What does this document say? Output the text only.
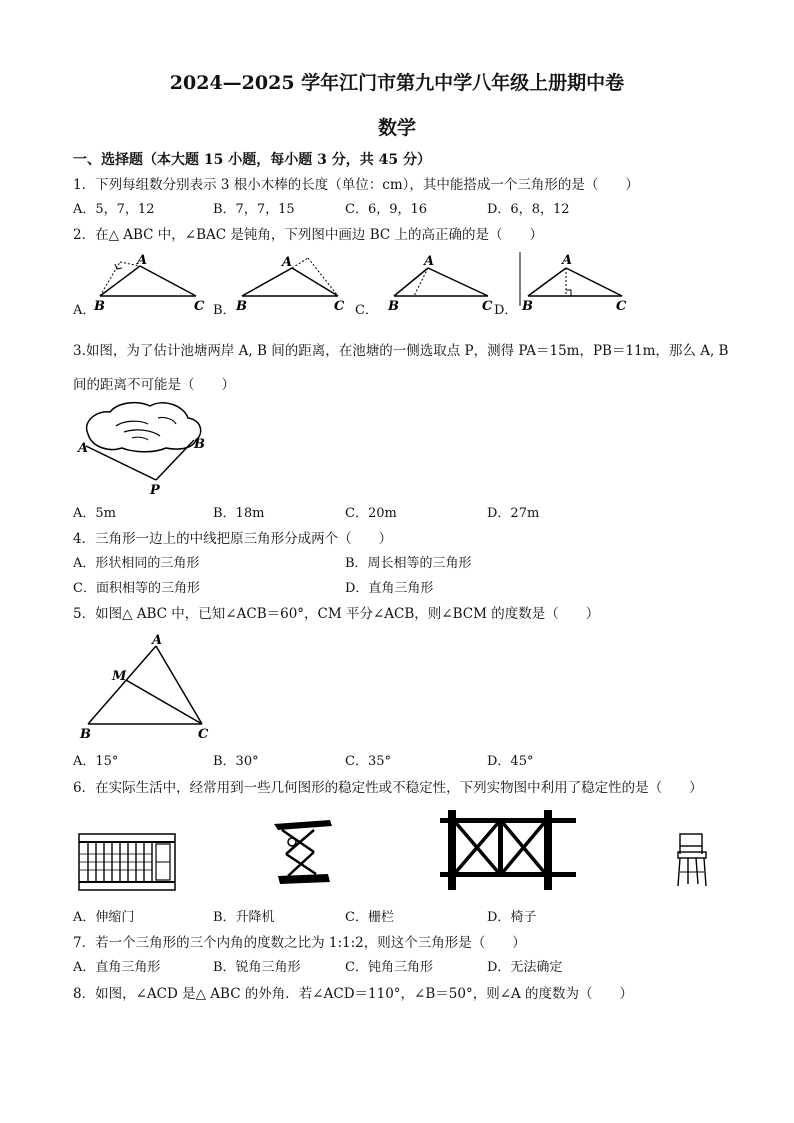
2024—2025 学年江门市第九中学八年级上册期中卷
数学
一、选择题（本大题 15 小题，每小题 3 分，共 45 分）
1．下列每组数分别表示 3 根小木棒的长度（单位：cm），其中能搭成一个三角形的是（　　）
A．5，7，12	B．7，7，15	C．6，9，16	D．6，8，12
2．在△ ABC 中，∠BAC 是钝角，下列图中画边 BC 上的高正确的是（　　）
A．
A
B	C B．
A
B	C C．
A
B	C D．
A
B	C
3.如图，为了估计池塘两岸 A, B 间的距离，在池塘的一侧选取点 P，测得 PA＝15m，PB＝11m，那么 A, B
间的距离不可能是（　　）
A	B
P
A．5m	B．18m	C．20m	D．27m
4．三角形一边上的中线把原三角形分成两个（　　）
A．形状相同的三角形	B．周长相等的三角形
C．面积相等的三角形	D．直角三角形
5．如图△ ABC 中，已知∠ACB＝60°，CM 平分∠ACB，则∠BCM 的度数是（　　）
A
M
B	C
A．15°	B．30°	C．35°	D．45°
6．在实际生活中，经常用到一些几何图形的稳定性或不稳定性，下列实物图中利用了稳定性的是（　　）
A．伸缩门	B．升降机	C．栅栏	D．椅子
7．若一个三角形的三个内角的度数之比为 1:1:2，则这个三角形是（　　）
A．直角三角形	B．锐角三角形	C．钝角三角形	D．无法确定
8．如图，∠ACD 是△ ABC 的外角．若∠ACD＝110°，∠B＝50°，则∠A 的度数为（　　）
